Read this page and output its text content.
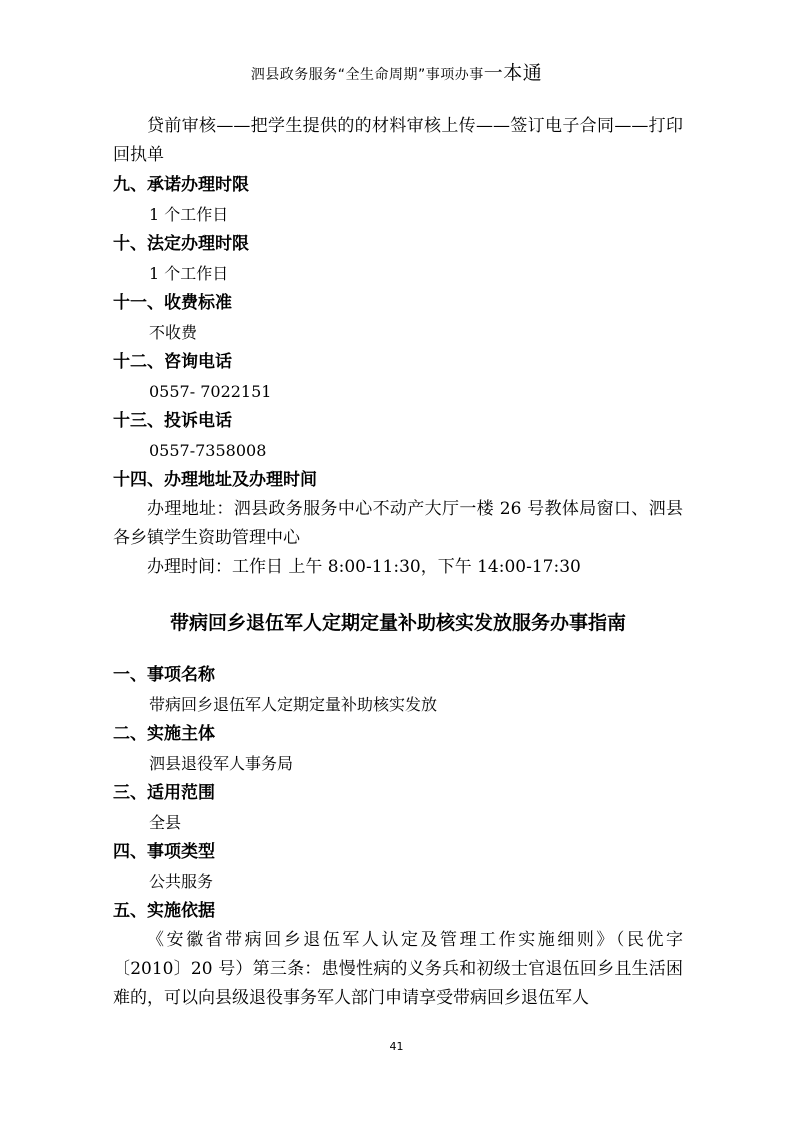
泗县政务服务“全生命周期”事项办事一本通

贷前审核——把学生提供的的材料审核上传——签订电子合同——打印回执单

九、承诺办理时限

1 个工作日

十、法定办理时限

1 个工作日

十一、收费标准

不收费

十二、咨询电话

0557- 7022151

十三、投诉电话

0557-7358008

十四、办理地址及办理时间

办理地址：泗县政务服务中心不动产大厅一楼 26 号教体局窗口、泗县各乡镇学生资助管理中心

办理时间：工作日 上午 8:00-11:30，下午 14:00-17:30

带病回乡退伍军人定期定量补助核实发放服务办事指南

一、事项名称

带病回乡退伍军人定期定量补助核实发放

二、实施主体

泗县退役军人事务局

三、适用范围

全县

四、事项类型

公共服务

五、实施依据

《安徽省带病回乡退伍军人认定及管理工作实施细则》（民优字〔2010〕20 号）第三条：患慢性病的义务兵和初级士官退伍回乡且生活困难的，可以向县级退役事务军人部门申请享受带病回乡退伍军人

41
